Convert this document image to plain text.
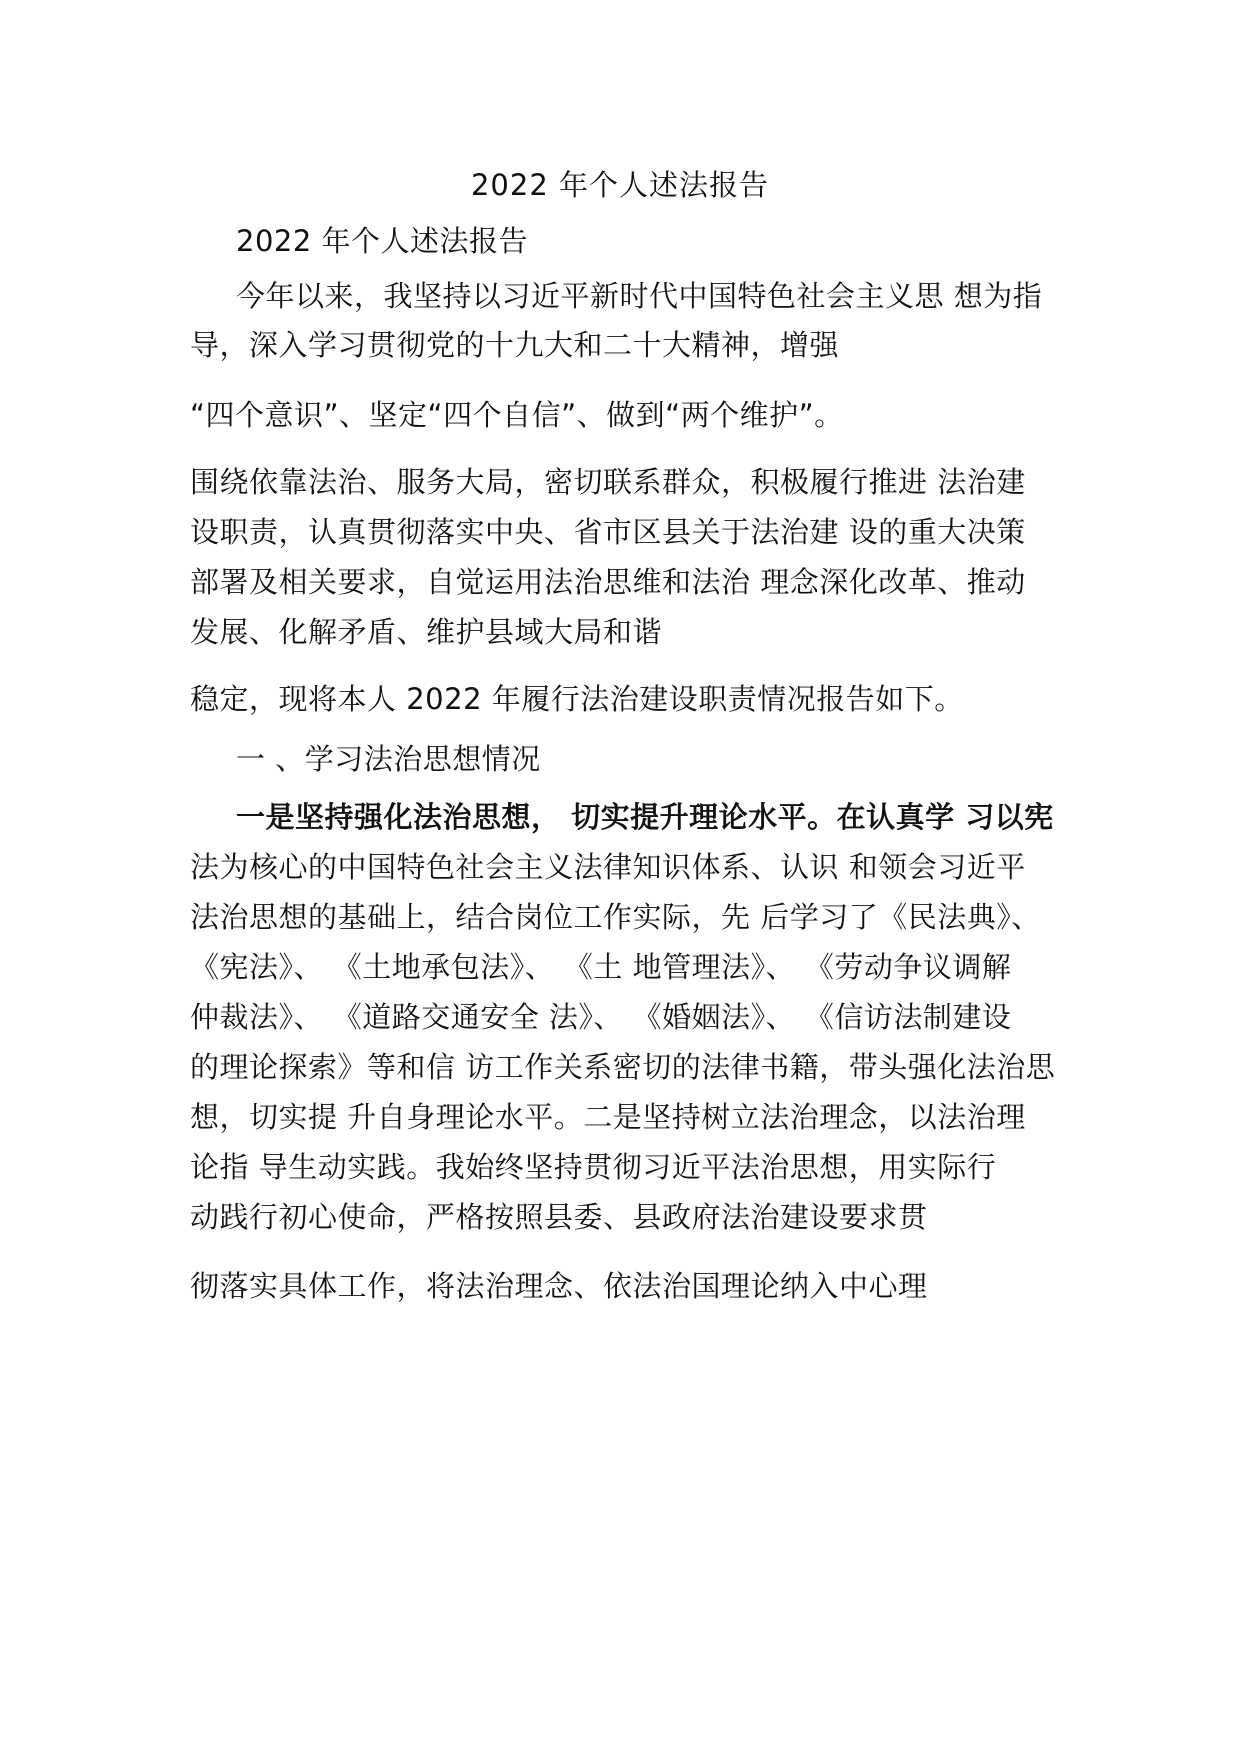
2022 年个人述法报告
2022 年个人述法报告
今年以来，我坚持以习近平新时代中国特色社会主义思 想为指
导，深入学习贯彻党的十九大和二十大精神，增强
“四个意识”、坚定“四个自信”、做到“两个维护”。
围绕依靠法治、服务大局，密切联系群众，积极履行推进 法治建
设职责，认真贯彻落实中央、省市区县关于法治建 设的重大决策
部署及相关要求，自觉运用法治思维和法治 理念深化改革、推动
发展、化解矛盾、维护县域大局和谐
稳定，现将本人 2022 年履行法治建设职责情况报告如下。
一 、学习法治思想情况
一是坚持强化法治思想， 切实提升理论水平。在认真学 习以宪
法为核心的中国特色社会主义法律知识体系、认识 和领会习近平
法治思想的基础上，结合岗位工作实际，先 后学习了《民法典》、
《宪法》、 《土地承包法》、 《土 地管理法》、 《劳动争议调解
仲裁法》、 《道路交通安全 法》、 《婚姻法》、 《信访法制建设
的理论探索》等和信 访工作关系密切的法律书籍，带头强化法治思
想，切实提 升自身理论水平。二是坚持树立法治理念，以法治理
论指 导生动实践。我始终坚持贯彻习近平法治思想，用实际行
动践行初心使命，严格按照县委、县政府法治建设要求贯
彻落实具体工作，将法治理念、依法治国理论纳入中心理
